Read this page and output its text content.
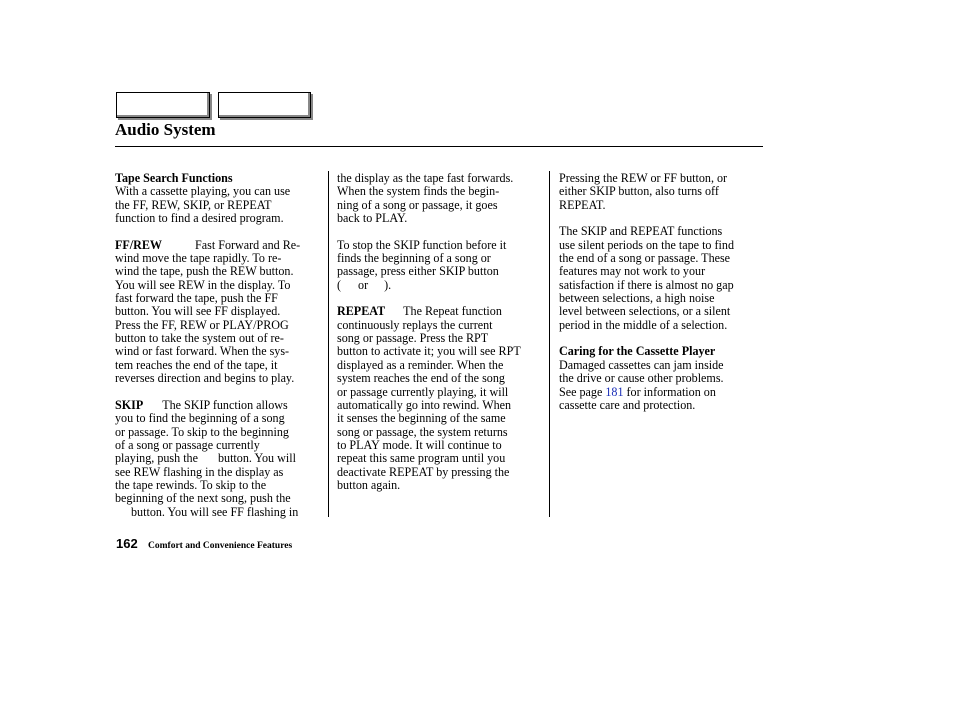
Audio System

Tape Search Functions
With a cassette playing, you can use
the FF, REW, SKIP, or REPEAT
function to find a desired program.

FF/REW	Fast Forward and Re-
wind move the tape rapidly. To re-
wind the tape, push the REW button.
You will see REW in the display. To
fast forward the tape, push the FF
button. You will see FF displayed.
Press the FF, REW or PLAY/PROG
button to take the system out of re-
wind or fast forward. When the sys-
tem reaches the end of the tape, it
reverses direction and begins to play.

SKIP The SKIP function allows
you to find the beginning of a song
or passage. To skip to the beginning
of a song or passage currently
playing, push the button. You will
see REW flashing in the display as
the tape rewinds. To skip to the
beginning of the next song, push the
button. You will see FF flashing in

the display as the tape fast forwards.
When the system finds the begin-
ning of a song or passage, it goes
back to PLAY.

To stop the SKIP function before it
finds the beginning of a song or
passage, press either SKIP button
( or ).

REPEAT The Repeat function
continuously replays the current
song or passage. Press the RPT
button to activate it; you will see RPT
displayed as a reminder. When the
system reaches the end of the song
or passage currently playing, it will
automatically go into rewind. When
it senses the beginning of the same
song or passage, the system returns
to PLAY mode. It will continue to
repeat this same program until you
deactivate REPEAT by pressing the
button again.

Pressing the REW or FF button, or
either SKIP button, also turns off
REPEAT.

The SKIP and REPEAT functions
use silent periods on the tape to find
the end of a song or passage. These
features may not work to your
satisfaction if there is almost no gap
between selections, a high noise
level between selections, or a silent
period in the middle of a selection.

Caring for the Cassette Player
Damaged cassettes can jam inside
the drive or cause other problems.
See page 181 for information on
cassette care and protection.

162 Comfort and Convenience Features
